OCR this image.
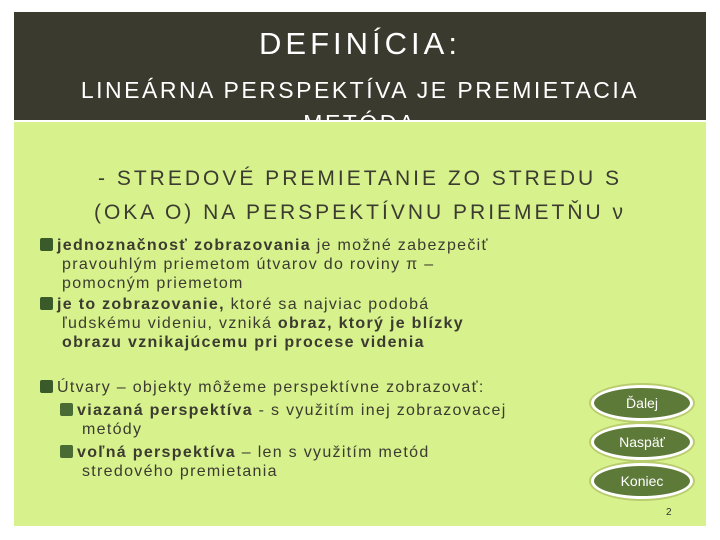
DEFINÍCIA:
LINEÁRNA PERSPEKTÍVA JE PREMIETACIA
- STREDOVÉ PREMIETANIE ZO STREDU S
(OKA O) NA PERSPEKTÍVNU PRIEMETŇU ν
jednoznačnosť zobrazovania je možné zabezpečiť
pravouhlým priemetom útvarov do roviny π –
pomocným priemetom
je to zobrazovanie, ktoré sa najviac podobá
ľudskému videniu, vzniká obraz, ktorý je blízky
obrazu vznikajúcemu pri procese videnia
Útvary – objekty môžeme perspektívne zobrazovať:
viazaná perspektíva - s využitím inej zobrazovacej
metódy
voľná perspektíva – len s využitím metód
stredového premietania
Ďalej
Naspäť
Koniec
2
